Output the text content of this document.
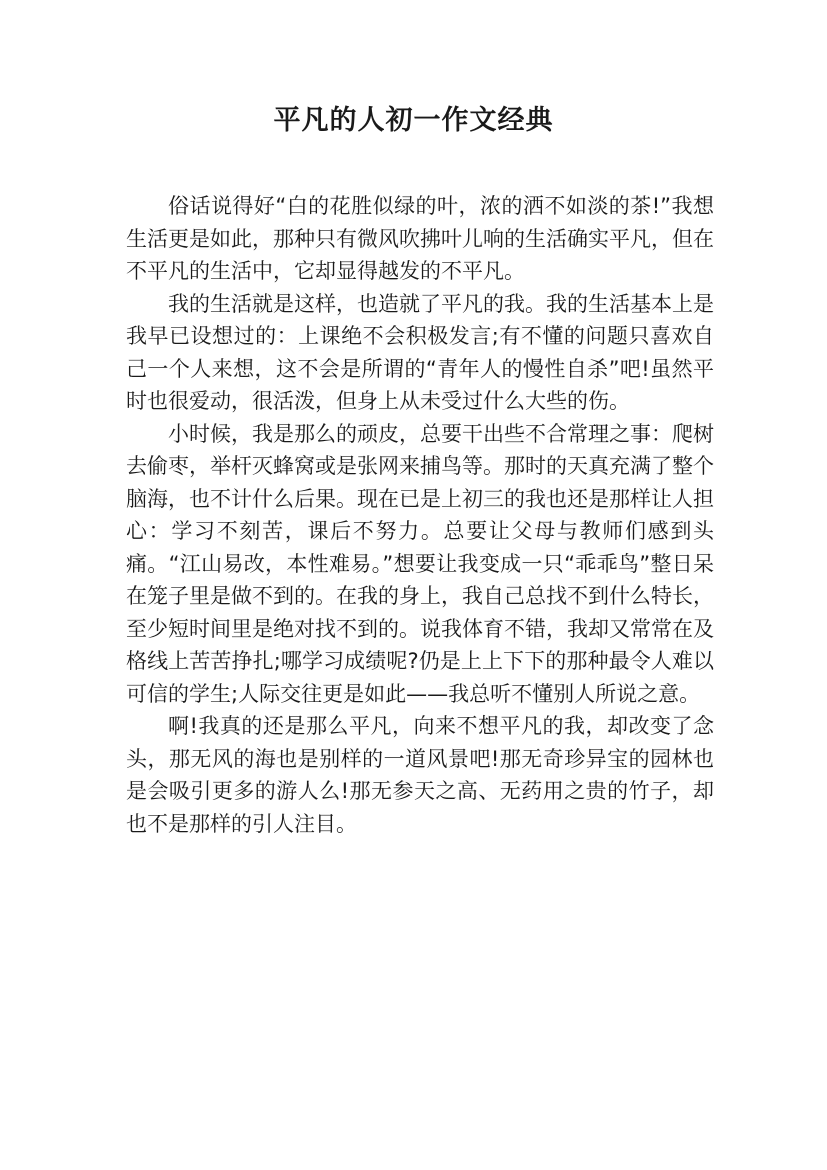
平凡的人初一作文经典

俗话说得好“白的花胜似绿的叶，浓的洒不如淡的茶!”我想生活更是如此，那种只有微风吹拂叶儿响的生活确实平凡，但在不平凡的生活中，它却显得越发的不平凡。

我的生活就是这样，也造就了平凡的我。我的生活基本上是我早已设想过的：上课绝不会积极发言;有不懂的问题只喜欢自己一个人来想，这不会是所谓的“青年人的慢性自杀”吧!虽然平时也很爱动，很活泼，但身上从未受过什么大些的伤。

小时候，我是那么的顽皮，总要干出些不合常理之事：爬树去偷枣，举杆灭蜂窝或是张网来捕鸟等。那时的天真充满了整个脑海，也不计什么后果。现在已是上初三的我也还是那样让人担心：学习不刻苦，课后不努力。总要让父母与教师们感到头痛。“江山易改，本性难易。”想要让我变成一只“乖乖鸟”整日呆在笼子里是做不到的。在我的身上，我自己总找不到什么特长，至少短时间里是绝对找不到的。说我体育不错，我却又常常在及格线上苦苦挣扎;哪学习成绩呢?仍是上上下下的那种最令人难以可信的学生;人际交往更是如此——我总听不懂别人所说之意。

啊!我真的还是那么平凡，向来不想平凡的我，却改变了念头，那无风的海也是别样的一道风景吧!那无奇珍异宝的园林也是会吸引更多的游人么!那无参天之高、无药用之贵的竹子，却也不是那样的引人注目。
